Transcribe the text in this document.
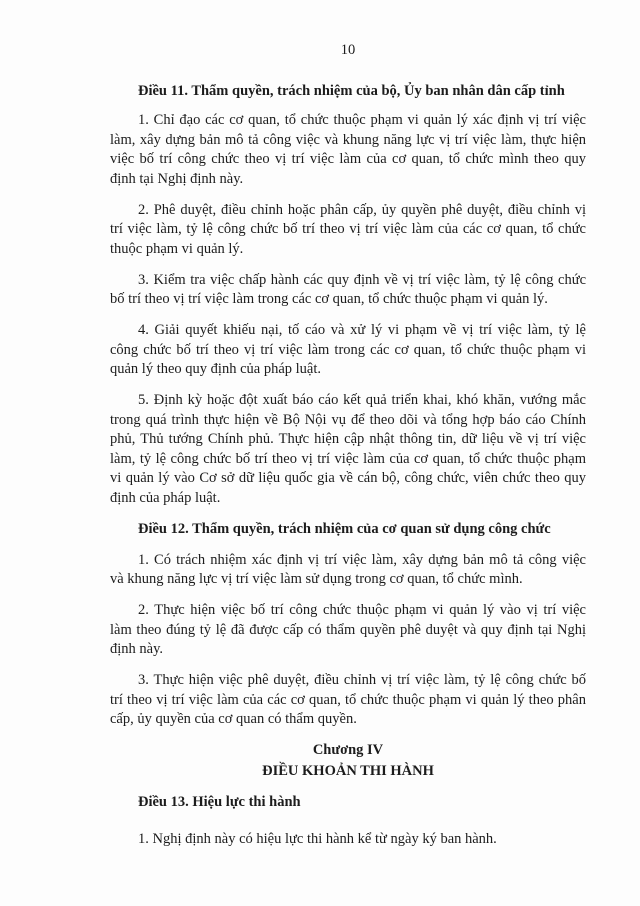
10
Điều 11. Thẩm quyền, trách nhiệm của bộ, Ủy ban nhân dân cấp tỉnh
1. Chỉ đạo các cơ quan, tổ chức thuộc phạm vi quản lý xác định vị trí việc
làm, xây dựng bản mô tả công việc và khung năng lực vị trí việc làm, thực hiện
việc bố trí công chức theo vị trí việc làm của cơ quan, tổ chức mình theo quy
định tại Nghị định này.
2. Phê duyệt, điều chỉnh hoặc phân cấp, ủy quyền phê duyệt, điều chỉnh vị
trí việc làm, tỷ lệ công chức bố trí theo vị trí việc làm của các cơ quan, tổ chức
thuộc phạm vi quản lý.
3. Kiểm tra việc chấp hành các quy định về vị trí việc làm, tỷ lệ công chức
bố trí theo vị trí việc làm trong các cơ quan, tổ chức thuộc phạm vi quản lý.
4. Giải quyết khiếu nại, tố cáo và xử lý vi phạm về vị trí việc làm, tỷ lệ
công chức bố trí theo vị trí việc làm trong các cơ quan, tổ chức thuộc phạm vi
quản lý theo quy định của pháp luật.
5. Định kỳ hoặc đột xuất báo cáo kết quả triển khai, khó khăn, vướng mắc
trong quá trình thực hiện về Bộ Nội vụ để theo dõi và tổng hợp báo cáo Chính
phủ, Thủ tướng Chính phủ. Thực hiện cập nhật thông tin, dữ liệu về vị trí việc
làm, tỷ lệ công chức bố trí theo vị trí việc làm của cơ quan, tổ chức thuộc phạm
vi quản lý vào Cơ sở dữ liệu quốc gia về cán bộ, công chức, viên chức theo quy
định của pháp luật.
Điều 12. Thẩm quyền, trách nhiệm của cơ quan sử dụng công chức
1. Có trách nhiệm xác định vị trí việc làm, xây dựng bản mô tả công việc
và khung năng lực vị trí việc làm sử dụng trong cơ quan, tổ chức mình.
2. Thực hiện việc bố trí công chức thuộc phạm vi quản lý vào vị trí việc
làm theo đúng tỷ lệ đã được cấp có thẩm quyền phê duyệt và quy định tại Nghị
định này.
3. Thực hiện việc phê duyệt, điều chỉnh vị trí việc làm, tỷ lệ công chức bố
trí theo vị trí việc làm của các cơ quan, tổ chức thuộc phạm vi quản lý theo phân
cấp, ủy quyền của cơ quan có thẩm quyền.
Chương IV
ĐIỀU KHOẢN THI HÀNH
Điều 13. Hiệu lực thi hành
1. Nghị định này có hiệu lực thi hành kể từ ngày ký ban hành.
